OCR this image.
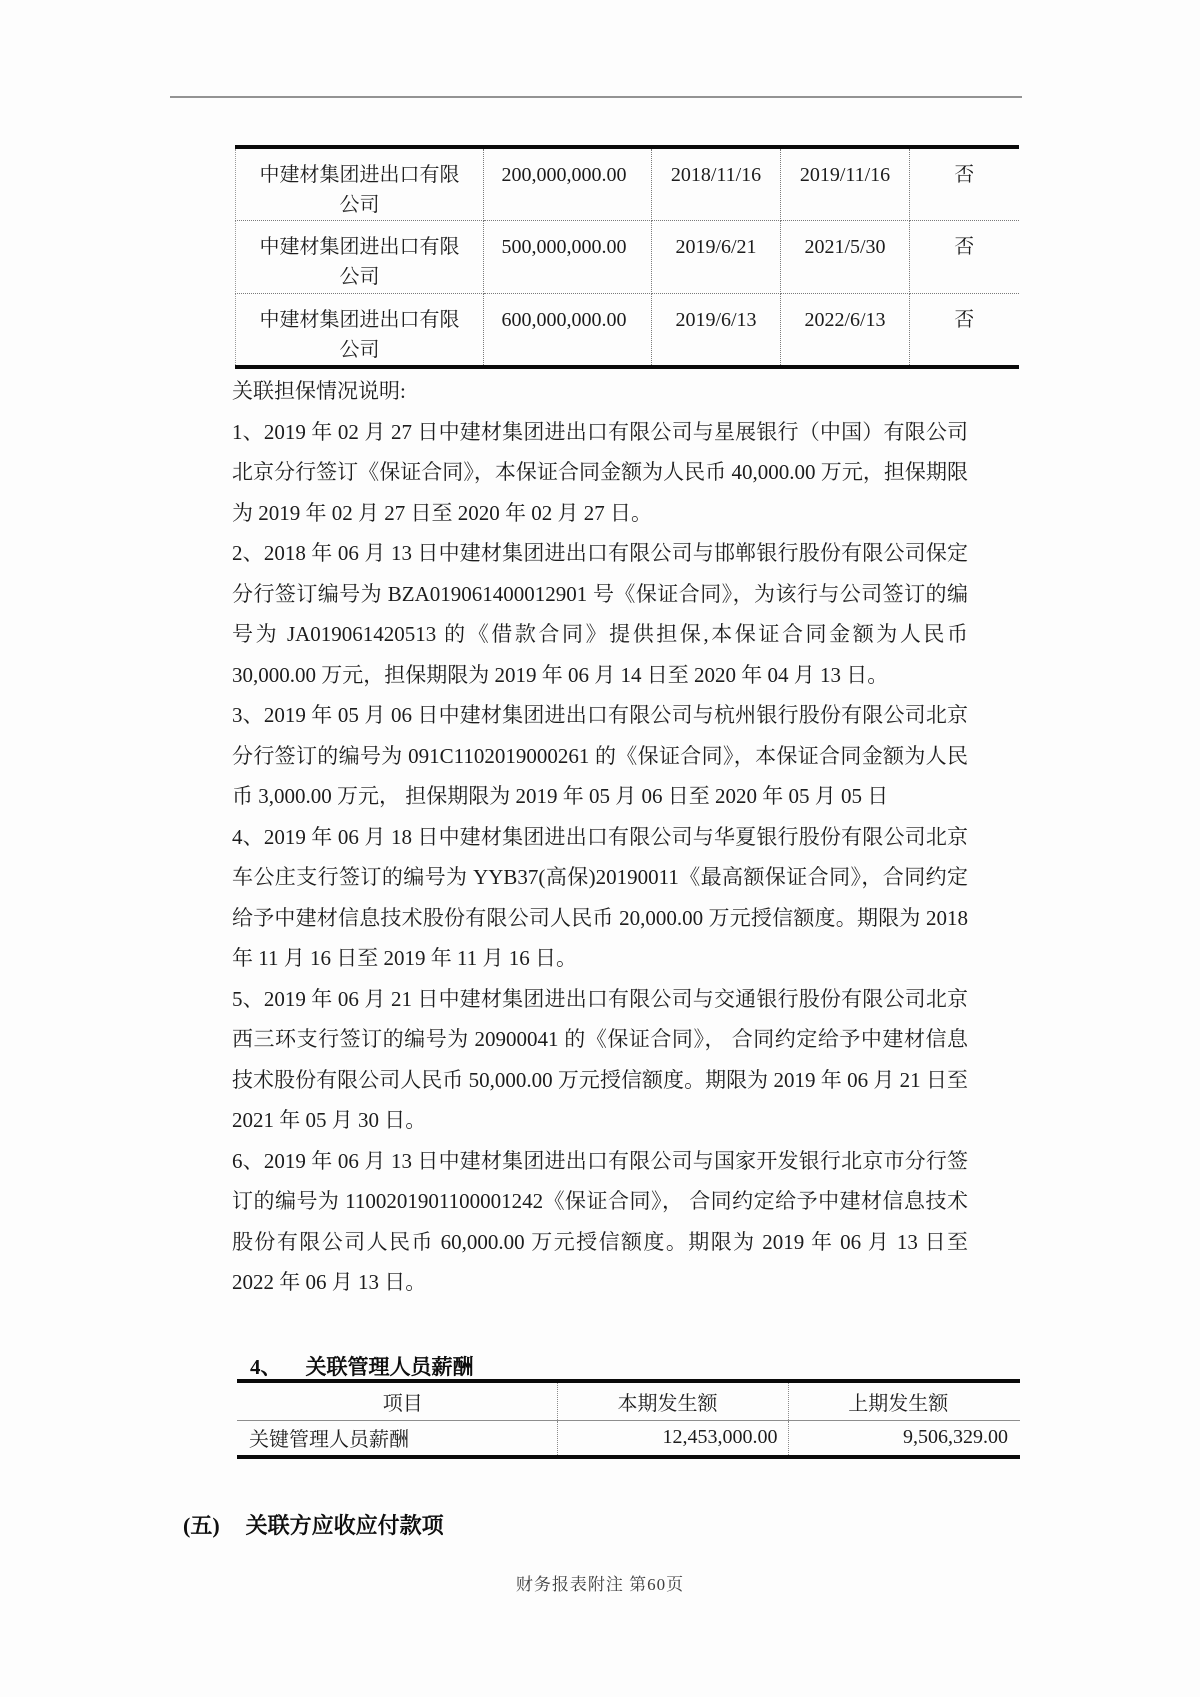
中建材集团进出口有限公司	200,000,000.00	2018/11/16	2019/11/16	否
中建材集团进出口有限公司	500,000,000.00	2019/6/21	2021/5/30	否
中建材集团进出口有限公司	600,000,000.00	2019/6/13	2022/6/13	否

关联担保情况说明:

1、2019 年 02 月 27 日中建材集团进出口有限公司与星展银行（中国）有限公司北京分行签订《保证合同》，本保证合同金额为人民币 40,000.00 万元，担保期限为 2019 年 02 月 27 日至 2020 年 02 月 27 日。

2、2018 年 06 月 13 日中建材集团进出口有限公司与邯郸银行股份有限公司保定分行签订编号为 BZA019061400012901 号《保证合同》，为该行与公司签订的编号为 JA019061420513 的《借款合同》提供担保,本保证合同金额为人民币 30,000.00 万元，担保期限为 2019 年 06 月 14 日至 2020 年 04 月 13 日。

3、2019 年 05 月 06 日中建材集团进出口有限公司与杭州银行股份有限公司北京分行签订的编号为 091C1102019000261 的《保证合同》，本保证合同金额为人民币 3,000.00 万元， 担保期限为 2019 年 05 月 06 日至 2020 年 05 月 05 日

4、2019 年 06 月 18 日中建材集团进出口有限公司与华夏银行股份有限公司北京车公庄支行签订的编号为 YYB37(高保)20190011《最高额保证合同》，合同约定给予中建材信息技术股份有限公司人民币 20,000.00 万元授信额度。期限为 2018 年 11 月 16 日至 2019 年 11 月 16 日。

5、2019 年 06 月 21 日中建材集团进出口有限公司与交通银行股份有限公司北京西三环支行签订的编号为 20900041 的《保证合同》， 合同约定给予中建材信息技术股份有限公司人民币 50,000.00 万元授信额度。期限为 2019 年 06 月 21 日至 2021 年 05 月 30 日。

6、2019 年 06 月 13 日中建材集团进出口有限公司与国家开发银行北京市分行签订的编号为 1100201901100001242《保证合同》， 合同约定给予中建材信息技术股份有限公司人民币 60,000.00 万元授信额度。期限为 2019 年 06 月 13 日至 2022 年 06 月 13 日。

4、 关联管理人员薪酬
项目	本期发生额	上期发生额
关键管理人员薪酬	12,453,000.00	9,506,329.00
(五) 关联方应收应付款项
财务报表附注 第60页
